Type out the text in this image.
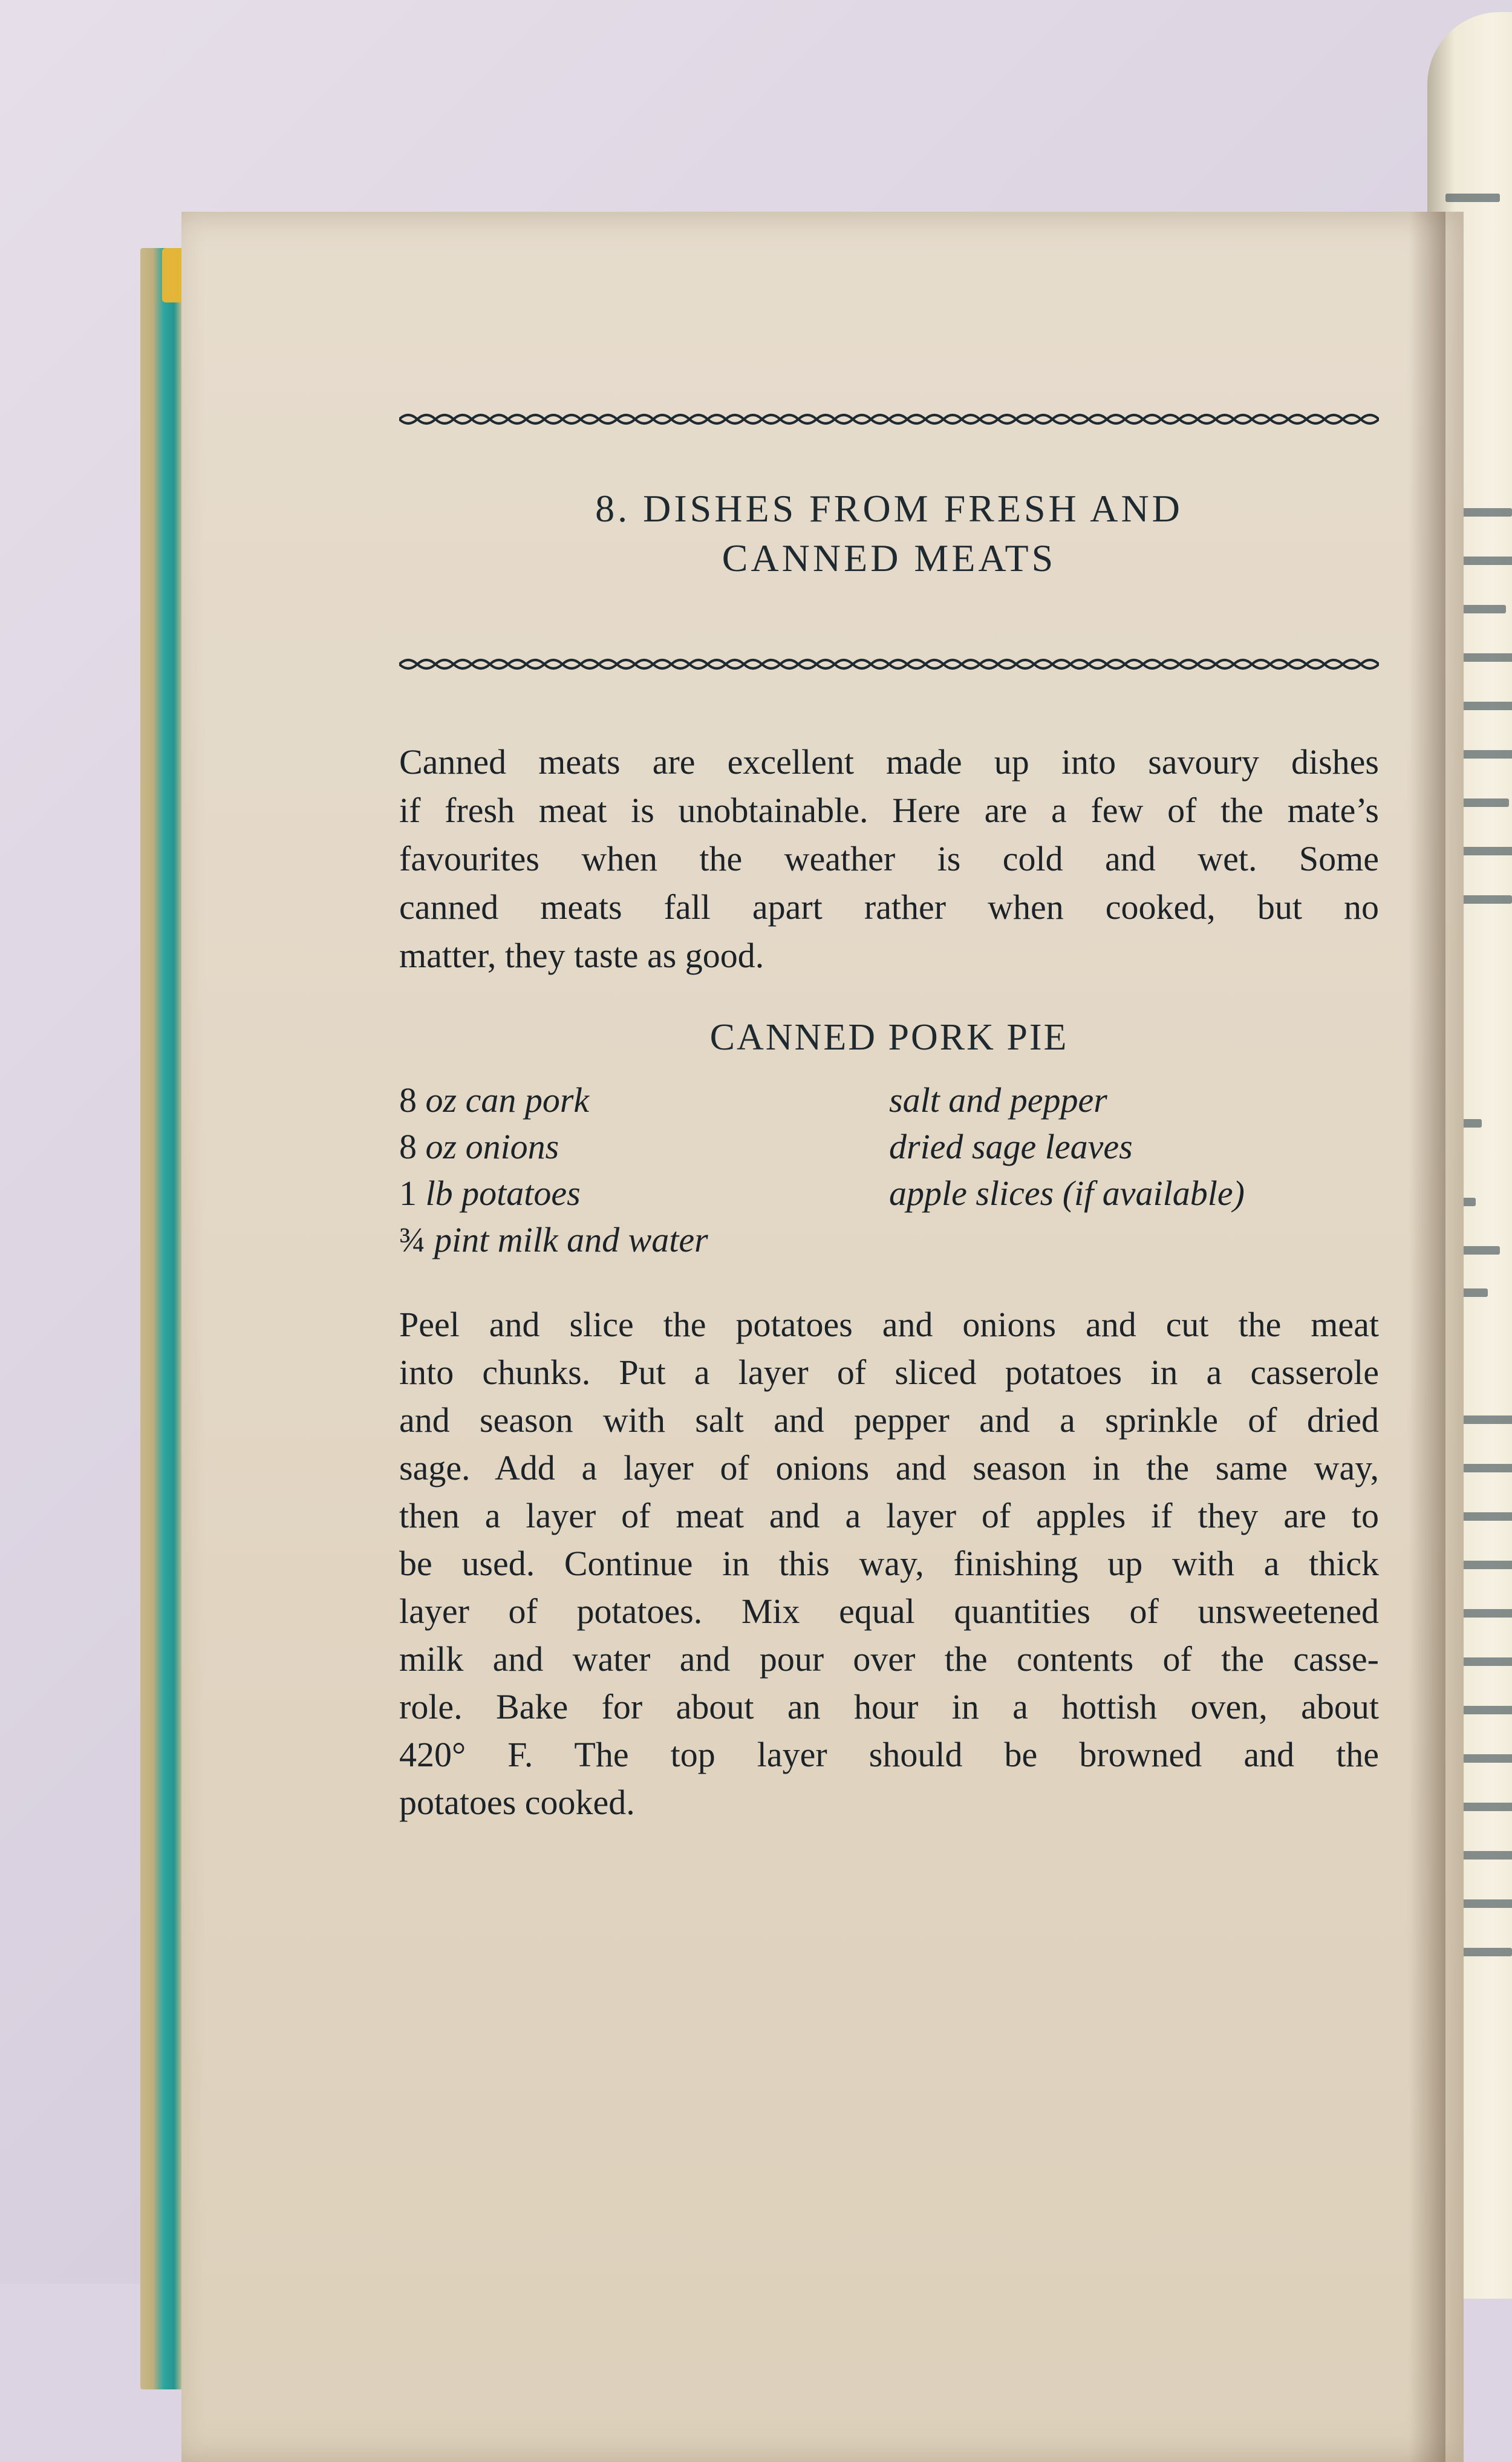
8. DISHES FROM FRESH AND
CANNED MEATS
Canned meats are excellent made up into savoury dishes
if fresh meat is unobtainable. Here are a few of the mate’s
favourites when the weather is cold and wet. Some
canned meats fall apart rather when cooked, but no
matter, they taste as good.
CANNED PORK PIE
8 oz can pork
8 oz onions
1 lb potatoes
¾ pint milk and water
salt and pepper
dried sage leaves
apple slices (if available)
Peel and slice the potatoes and onions and cut the meat
into chunks. Put a layer of sliced potatoes in a casserole
and season with salt and pepper and a sprinkle of dried
sage. Add a layer of onions and season in the same way,
then a layer of meat and a layer of apples if they are to
be used. Continue in this way, finishing up with a thick
layer of potatoes. Mix equal quantities of unsweetened
milk and water and pour over the contents of the casse-
role. Bake for about an hour in a hottish oven, about
420° F. The top layer should be browned and the
potatoes cooked.
